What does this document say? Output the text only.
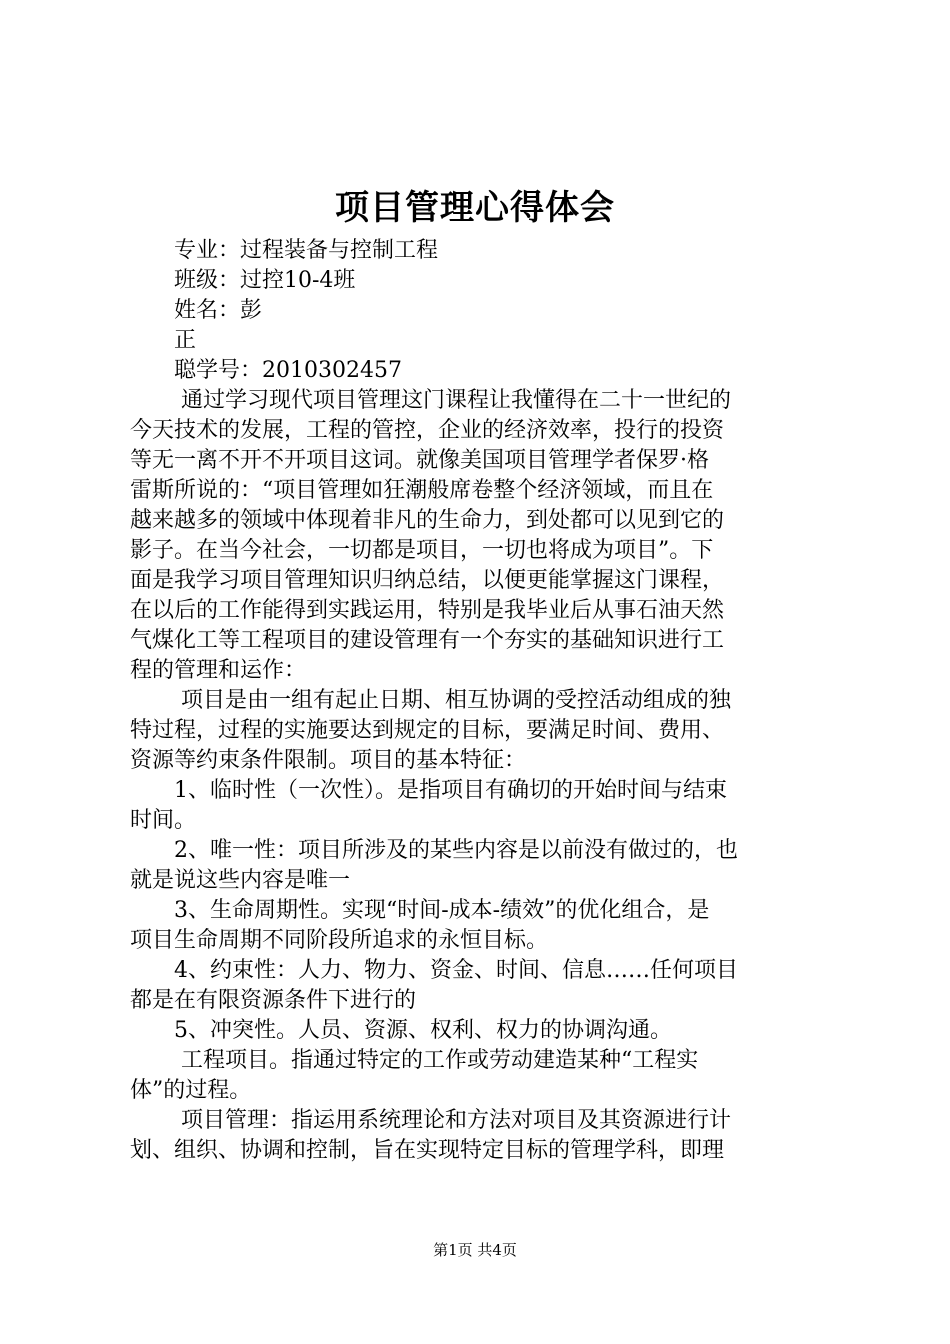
项目管理心得体会
　　专业：过程装备与控制工程
　　班级：过控10-4班
　　姓名：彭
　　正
　　聪学号：2010302457
　　 通过学习现代项目管理这门课程让我懂得在二十一世纪的
今天技术的发展，工程的管控，企业的经济效率，投行的投资
等无一离不开不开项目这词。就像美国项目管理学者保罗·格
雷斯所说的：“项目管理如狂潮般席卷整个经济领域，而且在
越来越多的领域中体现着非凡的生命力，到处都可以见到它的
影子。在当今社会，一切都是项目，一切也将成为项目”。下
面是我学习项目管理知识归纳总结，以便更能掌握这门课程，
在以后的工作能得到实践运用，特别是我毕业后从事石油天然
气煤化工等工程项目的建设管理有一个夯实的基础知识进行工
程的管理和运作：
　　 项目是由一组有起止日期、相互协调的受控活动组成的独
特过程，过程的实施要达到规定的目标，要满足时间、费用、
资源等约束条件限制。项目的基本特征：
　　1、临时性（一次性）。是指项目有确切的开始时间与结束
时间。
　　2、唯一性：项目所涉及的某些内容是以前没有做过的，也
就是说这些内容是唯一
　　3、生命周期性。实现“时间-成本-绩效”的优化组合，是
项目生命周期不同阶段所追求的永恒目标。
　　4、约束性：人力、物力、资金、时间、信息……任何项目
都是在有限资源条件下进行的
　　5、冲突性。人员、资源、权利、权力的协调沟通。
　　 工程项目。指通过特定的工作或劳动建造某种“工程实
体”的过程。
　　 项目管理：指运用系统理论和方法对项目及其资源进行计
划、组织、协调和控制，旨在实现特定目标的管理学科，即理
第1页 共4页
